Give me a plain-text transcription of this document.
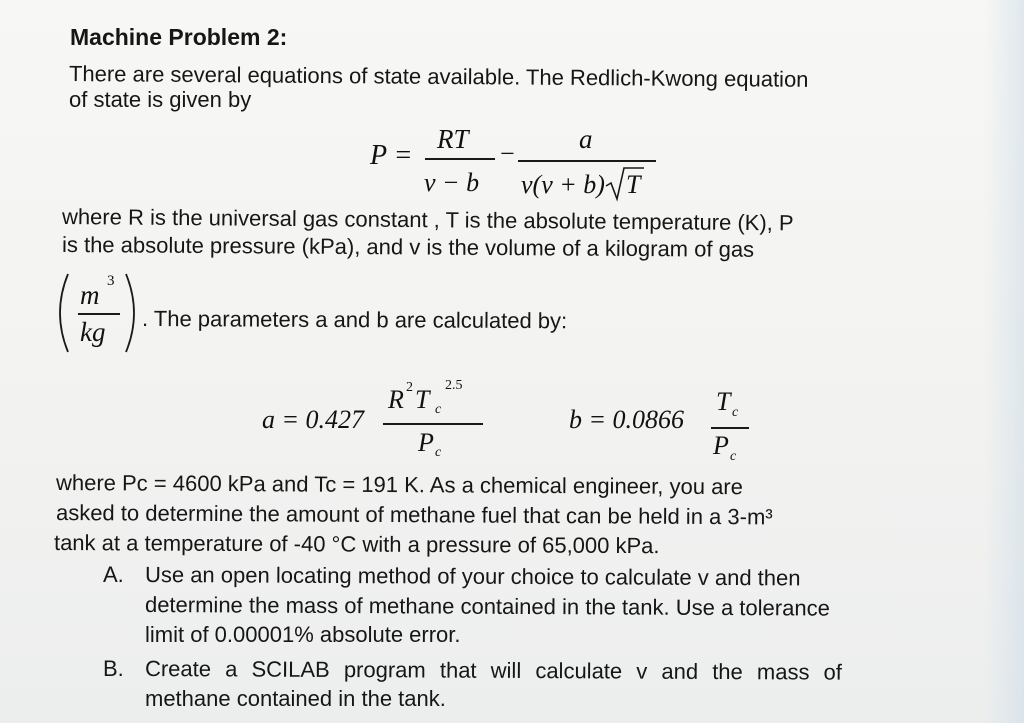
Machine Problem 2:
There are several equations of state available. The Redlich-Kwong equation
of state is given by
P =
RT
v − b
− a
v(v + b) T
where R is the universal gas constant , T is the absolute temperature (K), P
is the absolute pressure (kPa), and v is the volume of a kilogram of gas
m 3
kg . The parameters a and b are calculated by:
a = 0.427
R 2 T c
2.5
P c
b = 0.0866
T c
P c
where Pc = 4600 kPa and Tc = 191 K. As a chemical engineer, you are
asked to determine the amount of methane fuel that can be held in a 3-m³
tank at a temperature of -40 °C with a pressure of 65,000 kPa.
A. Use an open locating method of your choice to calculate v and then
determine the mass of methane contained in the tank. Use a tolerance
limit of 0.00001% absolute error.
B. Create a SCILAB program that will calculate v and the mass of
methane contained in the tank.
